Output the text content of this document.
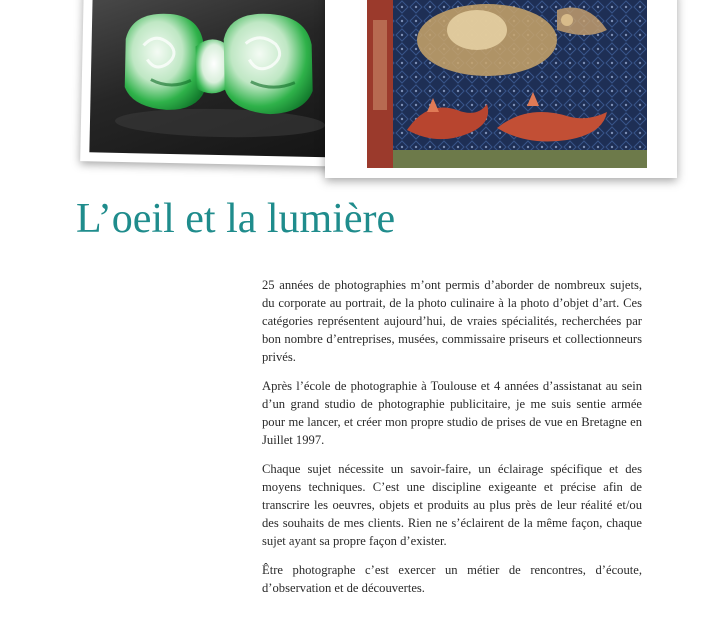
L’oeil et la lumière

25 années de photographies m’ont permis d’aborder de nombreux sujets, du corporate au portrait, de la photo culinaire à la photo d’objet d’art. Ces catégories représentent aujourd’hui, de vraies spécialités, recherchées par bon nombre d’entreprises, musées, commissaire priseurs et collectionneurs privés.

Après l’école de photographie à Toulouse et 4 années d’assistanat au sein d’un grand studio de photographie publicitaire, je me suis sentie armée pour me lancer, et créer mon propre studio de prises de vue en Bretagne en Juillet 1997.

Chaque sujet nécessite un savoir-faire, un éclairage spécifique et des moyens techniques. C’est une discipline exigeante et précise afin de transcrire les oeuvres, objets et produits au plus près de leur réalité et/ou des souhaits de mes clients. Rien ne s’éclairent de la même façon, chaque sujet ayant sa propre façon d’exister.

Être photographe c’est exercer un métier de rencontres, d’écoute, d’observation et de découvertes.
